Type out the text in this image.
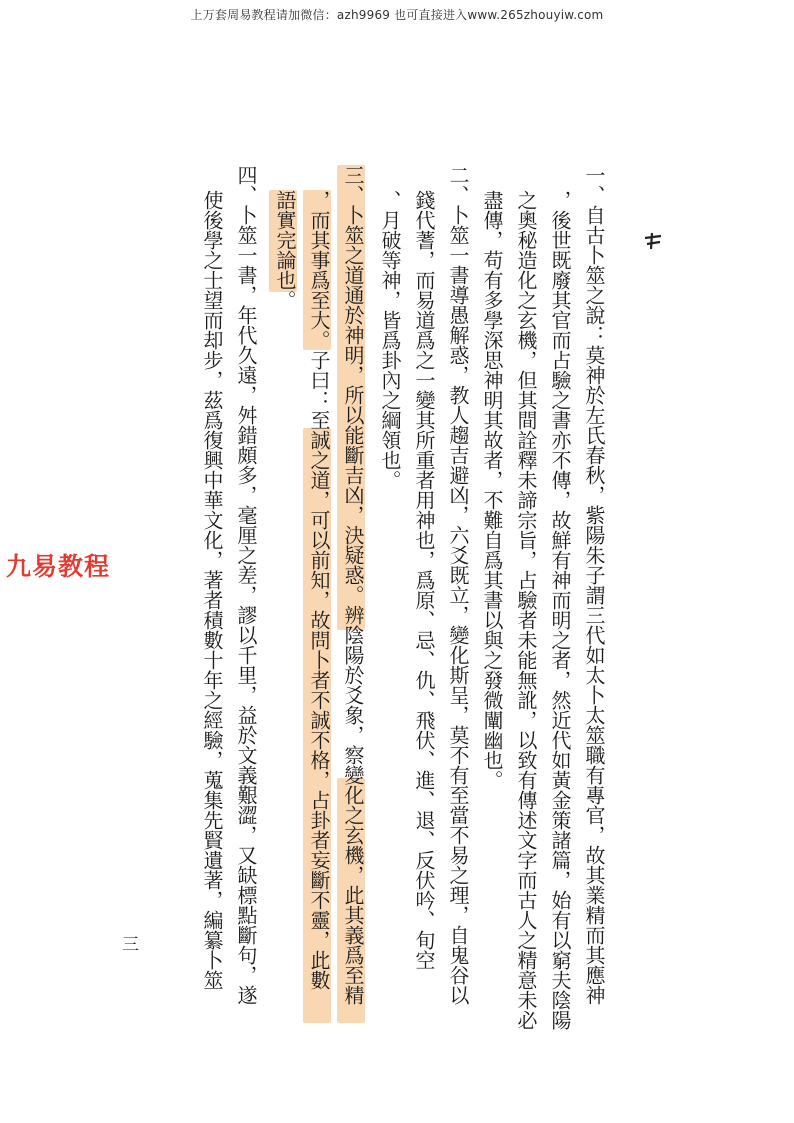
上万套周易教程请加微信：azh9969 也可直接进入www.265zhouyiw.com
一、自古卜筮之說：莫神於左氏春秋，紫陽朱子謂三代如太卜太筮職有專官，故其業精而其應神
，後世既廢其官而占驗之書亦不傳，故鮮有神而明之者，然近代如黃金策諸篇，始有以窮夫陰陽
之奧秘造化之玄機，但其間詮釋未諦宗旨，占驗者未能無訛，以致有傳述文字而古人之精意未必
盡傳，苟有多學深思神明其故者，不難自爲其書以與之發微闡幽也。
二、卜筮一書導愚解惑，教人趨吉避凶，六爻既立，變化斯呈，莫不有至當不易之理，自鬼谷以
錢代蓍，而易道爲之一變其所重者用神也，爲原、忌、仇、飛伏、進、退、反伏吟、旬空
、月破等神，皆爲卦內之綱領也。
三、卜筮之道通於神明，所以能斷吉凶，決疑惑。辨陰陽於爻象，察變化之玄機，此其義爲至精
，而其事爲至大。子曰：至誠之道，可以前知，故問卜者不誠不格，占卦者妄斷不靈，此數
語實完論也。
四、卜筮一書，年代久遠，舛錯頗多，毫厘之差，謬以千里，益於文義艱澀，又缺標點斷句，遂
使後學之士望而却步，茲爲復興中華文化，著者積數十年之經驗，蒐集先賢遺著，編纂卜筮
九易教程
三
